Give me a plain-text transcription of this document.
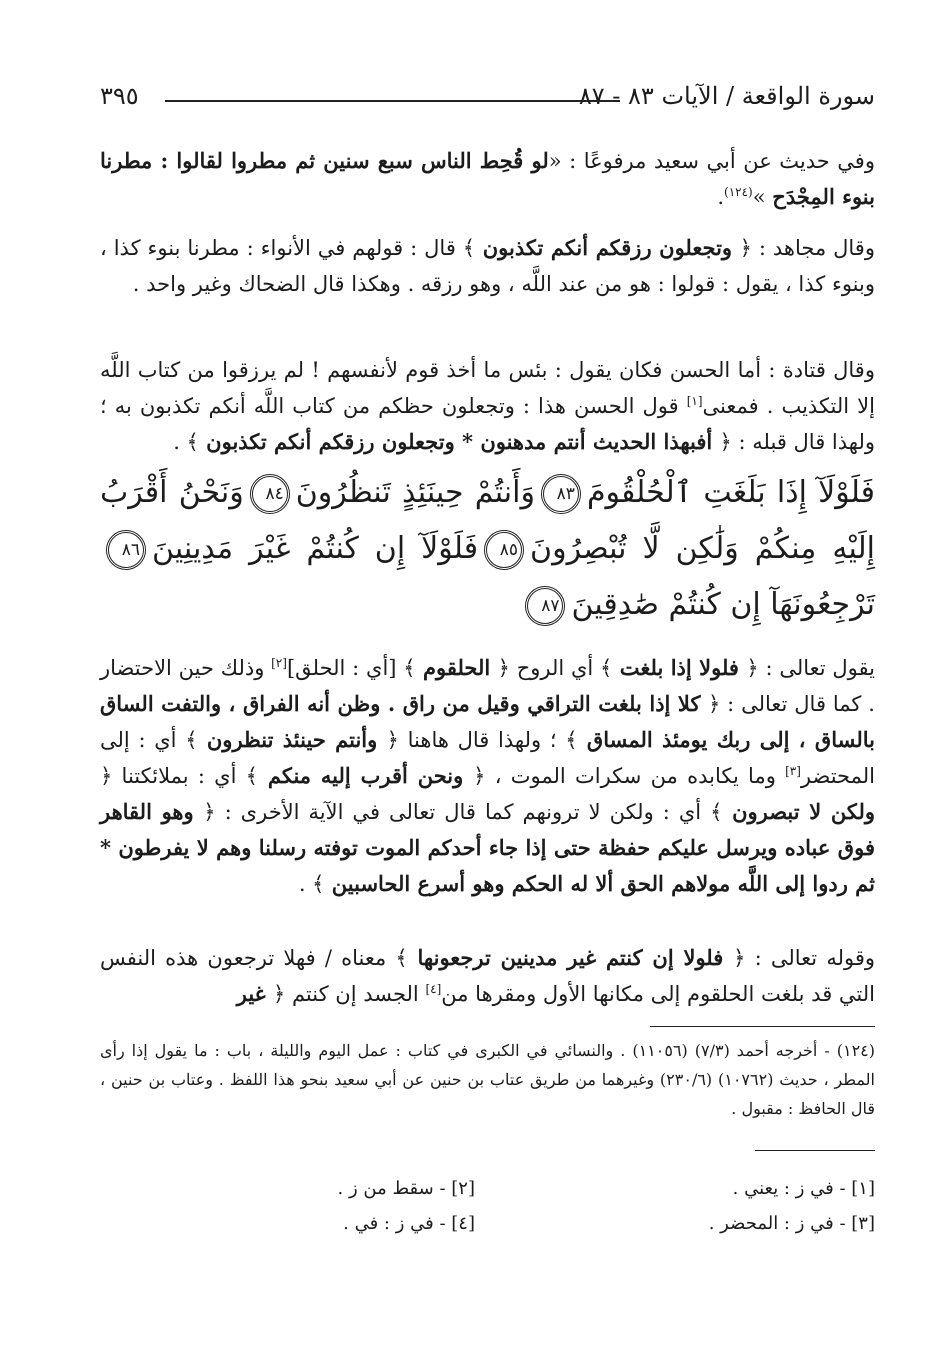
سورة الواقعة / الآيات ٨٣ - ٨٧
٣٩٥
وفي حديث عن أبي سعيد مرفوعًا : «لو قُحِط الناس سبع سنين ثم مطروا لقالوا : مطرنا بنوء المِجْدَح »$^{(١٢٤)}$.
وقال مجاهد : ﴿ وتجعلون رزقكم أنكم تكذبون ﴾ قال : قولهم في الأنواء : مطرنا بنوء كذا ، وبنوء كذا ، يقول : قولوا : هو من عند اللَّه ، وهو رزقه . وهكذا قال الضحاك وغير واحد .
وقال قتادة : أما الحسن فكان يقول : بئس ما أخذ قوم لأنفسهم ! لم يرزقوا من كتاب اللَّه إلا التكذيب . فمعنى[١] قول الحسن هذا : وتجعلون حظكم من كتاب اللَّه أنكم تكذبون به ؛ ولهذا قال قبله : ﴿ أفبهذا الحديث أنتم مدهنون * وتجعلون رزقكم أنكم تكذبون ﴾ .
فَلَوْلَآ إِذَا بَلَغَتِ ٱلْحُلْقُومَ٨٣وَأَنتُمْ حِينَئِذٍ تَنظُرُونَ٨٤وَنَحْنُ أَقْرَبُ إِلَيْهِ مِنكُمْ وَلَٰكِن لَّا تُبْصِرُونَ٨٥فَلَوْلَآ إِن كُنتُمْ غَيْرَ مَدِينِينَ٨٦تَرْجِعُونَهَآ إِن كُنتُمْ صَٰدِقِينَ٨٧
يقول تعالى : ﴿ فلولا إذا بلغت ﴾ أي الروح ﴿ الحلقوم ﴾ [أي : الحلق][٢] وذلك حين الاحتضار . كما قال تعالى : ﴿ كلا إذا بلغت التراقي وقيل من راق . وظن أنه الفراق ، والتفت الساق بالساق ، إلى ربك يومئذ المساق ﴾ ؛ ولهذا قال هاهنا ﴿ وأنتم حينئذ تنظرون ﴾ أي : إلى المحتضر[٣] وما يكابده من سكرات الموت ، ﴿ ونحن أقرب إليه منكم ﴾ أي : بملائكتنا ﴿ ولكن لا تبصرون ﴾ أي : ولكن لا ترونهم كما قال تعالى في الآية الأخرى : ﴿ وهو القاهر فوق عباده ويرسل عليكم حفظة حتى إذا جاء أحدكم الموت توفته رسلنا وهم لا يفرطون * ثم ردوا إلى اللَّه مولاهم الحق ألا له الحكم وهو أسرع الحاسبين ﴾ .
وقوله تعالى : ﴿ فلولا إن كنتم غير مدينين ترجعونها ﴾ معناه / فهلا ترجعون هذه النفس التي قد بلغت الحلقوم إلى مكانها الأول ومقرها من[٤] الجسد إن كنتم ﴿ غير
(١٢٤) - أخرجه أحمد (٧/٣) (١١٠٥٦) . والنسائي في الكبرى في كتاب : عمل اليوم والليلة ، باب : ما يقول إذا رأى المطر ، حديث (١٠٧٦٢) (٢٣٠/٦) وغيرهما من طريق عتاب بن حنين عن أبي سعيد بنحو هذا اللفظ . وعتاب بن حنين ، قال الحافظ : مقبول .
[١] - في ز : يعني .
[٢] - سقط من ز .
[٣] - في ز : المحضر .
[٤] - في ز : في .
